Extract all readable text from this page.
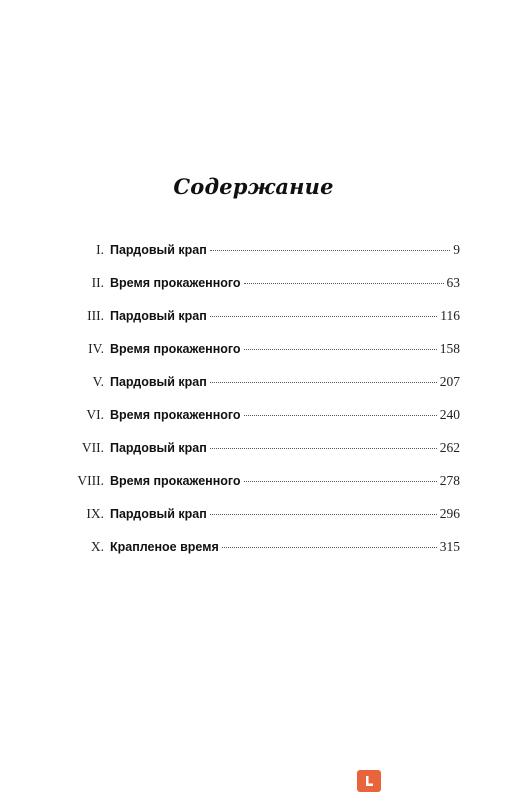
Содержание
I. Пардовый крап	9
II. Время прокаженного	63
III. Пардовый крап	116
IV. Время прокаженного	158
V. Пардовый крап	207
VI. Время прокаженного	240
VII. Пардовый крап	262
VIII. Время прокаженного	278
IX. Пардовый крап	296
X. Крапленое время	315
